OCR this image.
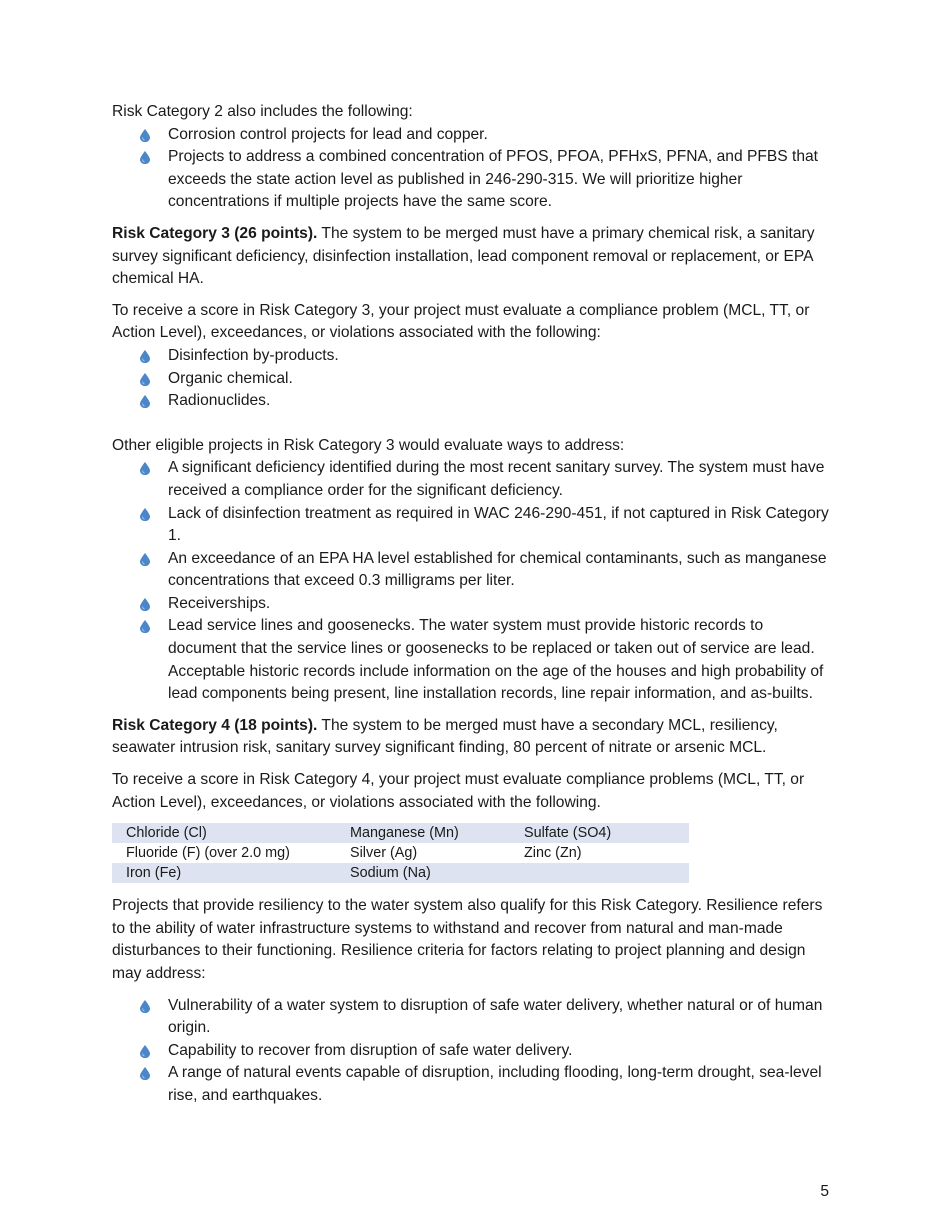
Risk Category 2 also includes the following:

Corrosion control projects for lead and copper.
Projects to address a combined concentration of PFOS, PFOA, PFHxS, PFNA, and PFBS that exceeds the state action level as published in 246-290-315. We will prioritize higher concentrations if multiple projects have the same score.

Risk Category 3 (26 points). The system to be merged must have a primary chemical risk, a sanitary survey significant deficiency, disinfection installation, lead component removal or replacement, or EPA chemical HA.

To receive a score in Risk Category 3, your project must evaluate a compliance problem (MCL, TT, or Action Level), exceedances, or violations associated with the following:

Disinfection by-products.
Organic chemical.
Radionuclides.

Other eligible projects in Risk Category 3 would evaluate ways to address:

A significant deficiency identified during the most recent sanitary survey. The system must have received a compliance order for the significant deficiency.
Lack of disinfection treatment as required in WAC 246-290-451, if not captured in Risk Category 1.
An exceedance of an EPA HA level established for chemical contaminants, such as manganese concentrations that exceed 0.3 milligrams per liter.
Receiverships.
Lead service lines and goosenecks. The water system must provide historic records to document that the service lines or goosenecks to be replaced or taken out of service are lead. Acceptable historic records include information on the age of the houses and high probability of lead components being present, line installation records, line repair information, and as-builts.

Risk Category 4 (18 points). The system to be merged must have a secondary MCL, resiliency, seawater intrusion risk, sanitary survey significant finding, 80 percent of nitrate or arsenic MCL.

To receive a score in Risk Category 4, your project must evaluate compliance problems (MCL, TT, or Action Level), exceedances, or violations associated with the following.

Chloride (Cl)	Manganese (Mn)	Sulfate (SO4)
Fluoride (F) (over 2.0 mg)	Silver (Ag)	Zinc (Zn)
Iron (Fe)	Sodium (Na)	

Projects that provide resiliency to the water system also qualify for this Risk Category. Resilience refers to the ability of water infrastructure systems to withstand and recover from natural and man-made disturbances to their functioning. Resilience criteria for factors relating to project planning and design may address:

Vulnerability of a water system to disruption of safe water delivery, whether natural or of human origin.
Capability to recover from disruption of safe water delivery.
A range of natural events capable of disruption, including flooding, long-term drought, sea-level rise, and earthquakes.
5
